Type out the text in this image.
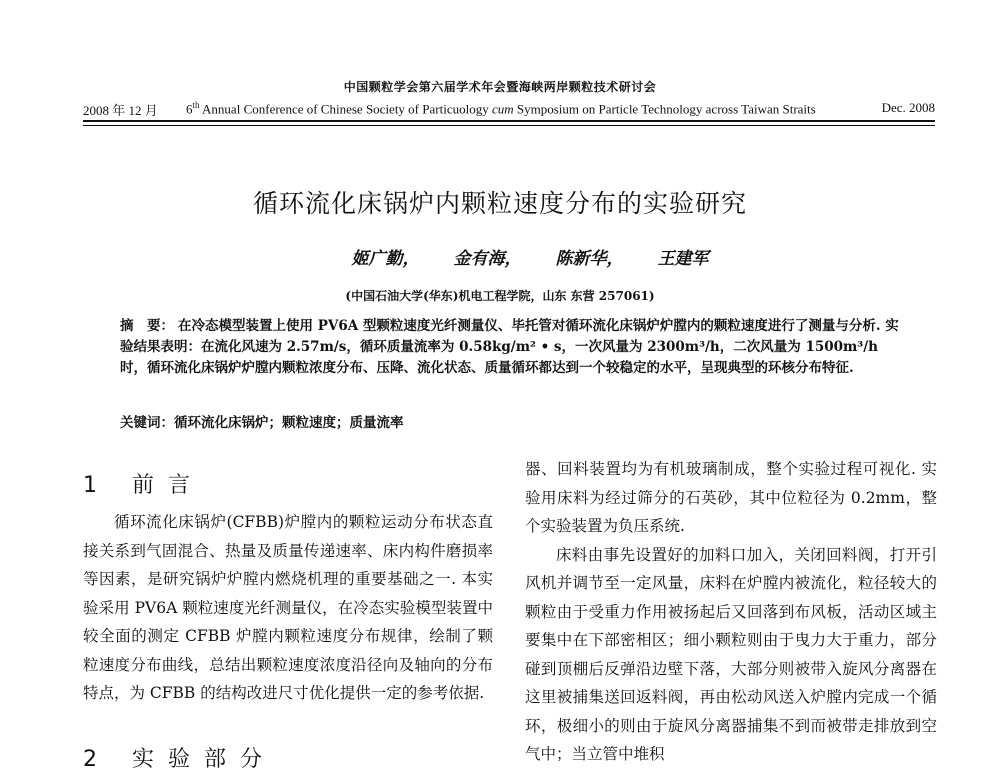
中国颗粒学会第六届学术年会暨海峡两岸颗粒技术研讨会
2008 年 12 月 6th Annual Conference of Chinese Society of Particuology cum Symposium on Particle Technology across Taiwan Straits	Dec. 2008
循环流化床锅炉内颗粒速度分布的实验研究
姬广勤， 金有海， 陈新华， 王建军
(中国石油大学(华东)机电工程学院，山东 东营 257061)
摘　要： 在冷态模型装置上使用 PV6A 型颗粒速度光纤测量仪、毕托管对循环流化床锅炉炉膛内的颗粒速度进行了测量与分析. 实验结果表明：在流化风速为 2.57m/s，循环质量流率为 0.58kg/m² • s，一次风量为 2300m³/h，二次风量为 1500m³/h 时，循环流化床锅炉炉膛内颗粒浓度分布、压降、流化状态、质量循环都达到一个较稳定的水平，呈现典型的环核分布特征.
关键词：循环流化床锅炉；颗粒速度；质量流率
1 前言

循环流化床锅炉(CFBB)炉膛内的颗粒运动分布状态直接关系到气固混合、热量及质量传递速率、床内构件磨损率等因素，是研究锅炉炉膛内燃烧机理的重要基础之一. 本实验采用 PV6A 颗粒速度光纤测量仪，在冷态实验模型装置中较全面的测定 CFBB 炉膛内颗粒速度分布规律，绘制了颗粒速度分布曲线，总结出颗粒速度浓度沿径向及轴向的分布特点，为 CFBB 的结构改进尺寸优化提供一定的参考依据.

2 实验部分

器、回料装置均为有机玻璃制成，整个实验过程可视化. 实验用床料为经过筛分的石英砂，其中位粒径为 0.2mm，整个实验装置为负压系统.

床料由事先设置好的加料口加入，关闭回料阀，打开引风机并调节至一定风量，床料在炉膛内被流化，粒径较大的颗粒由于受重力作用被扬起后又回落到布风板，活动区域主要集中在下部密相区；细小颗粒则由于曳力大于重力，部分碰到顶棚后反弹沿边壁下落，大部分则被带入旋风分离器在这里被捕集送回返料阀，再由松动风送入炉膛内完成一个循环，极细小的则由于旋风分离器捕集不到而被带走排放到空气中；当立管中堆积
